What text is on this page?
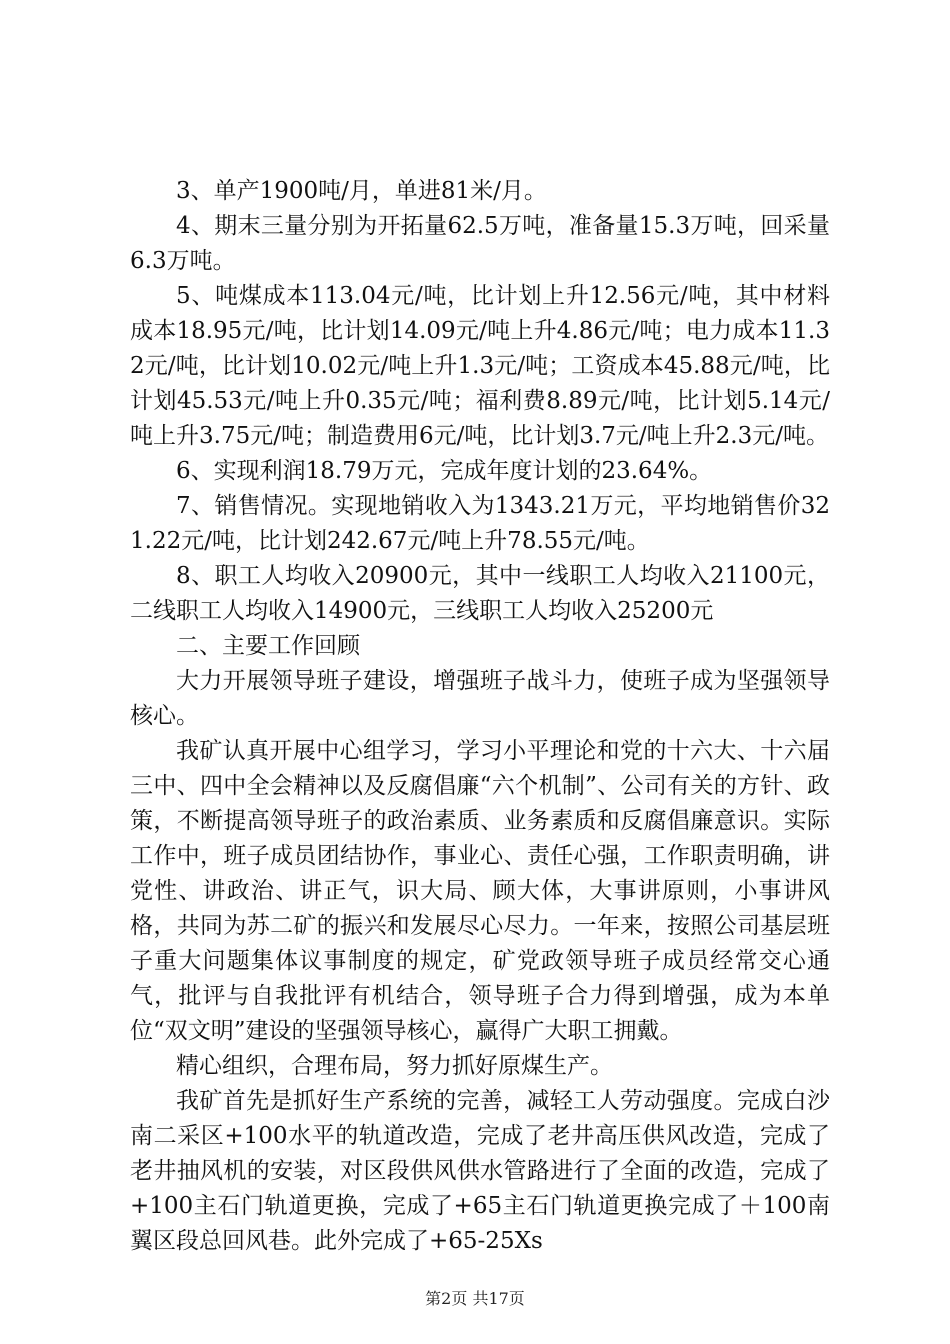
3、单产1900吨/月，单进81米/月。

4、期末三量分别为开拓量62.5万吨，准备量15.3万吨，回采量6.3万吨。

5、吨煤成本113.04元/吨，比计划上升12.56元/吨，其中材料成本18.95元/吨，比计划14.09元/吨上升4.86元/吨；电力成本11.32元/吨，比计划10.02元/吨上升1.3元/吨；工资成本45.88元/吨，比计划45.53元/吨上升0.35元/吨；福利费8.89元/吨，比计划5.14元/吨上升3.75元/吨；制造费用6元/吨，比计划3.7元/吨上升2.3元/吨。

6、实现利润18.79万元，完成年度计划的23.64%。

7、销售情况。实现地销收入为1343.21万元，平均地销售价321.22元/吨，比计划242.67元/吨上升78.55元/吨。

8、职工人均收入20900元，其中一线职工人均收入21100元，二线职工人均收入14900元，三线职工人均收入25200元

二、主要工作回顾

大力开展领导班子建设，增强班子战斗力，使班子成为坚强领导核心。

我矿认真开展中心组学习，学习小平理论和党的十六大、十六届三中、四中全会精神以及反腐倡廉“六个机制”、公司有关的方针、政策，不断提高领导班子的政治素质、业务素质和反腐倡廉意识。实际工作中，班子成员团结协作，事业心、责任心强，工作职责明确，讲党性、讲政治、讲正气，识大局、顾大体，大事讲原则，小事讲风格，共同为苏二矿的振兴和发展尽心尽力。一年来，按照公司基层班子重大问题集体议事制度的规定，矿党政领导班子成员经常交心通气，批评与自我批评有机结合，领导班子合力得到增强，成为本单位“双文明”建设的坚强领导核心，赢得广大职工拥戴。

精心组织，合理布局，努力抓好原煤生产。

我矿首先是抓好生产系统的完善，减轻工人劳动强度。完成白沙南二采区+100水平的轨道改造，完成了老井高压供风改造，完成了老井抽风机的安装，对区段供风供水管路进行了全面的改造，完成了+100主石门轨道更换，完成了+65主石门轨道更换完成了＋100南翼区段总回风巷。此外完成了+65-25Xs

第2页 共17页
